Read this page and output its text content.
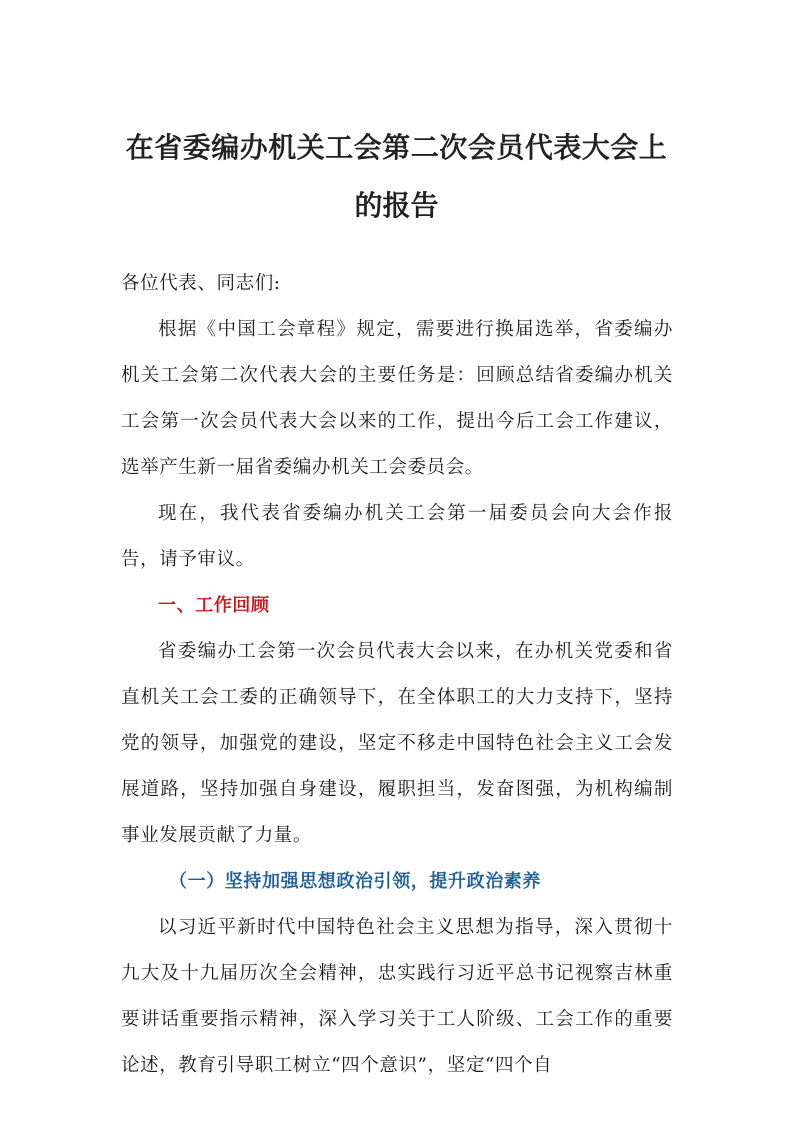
在省委编办机关工会第二次会员代表大会上
的报告

各位代表、同志们:

根据《中国工会章程》规定，需要进行换届选举，省委编办机关工会第二次代表大会的主要任务是：回顾总结省委编办机关工会第一次会员代表大会以来的工作，提出今后工会工作建议，选举产生新一届省委编办机关工会委员会。

现在，我代表省委编办机关工会第一届委员会向大会作报告，请予审议。

一、工作回顾

省委编办工会第一次会员代表大会以来，在办机关党委和省直机关工会工委的正确领导下，在全体职工的大力支持下，坚持党的领导，加强党的建设，坚定不移走中国特色社会主义工会发展道路，坚持加强自身建设，履职担当，发奋图强，为机构编制事业发展贡献了力量。

（一）坚持加强思想政治引领，提升政治素养

以习近平新时代中国特色社会主义思想为指导，深入贯彻十九大及十九届历次全会精神，忠实践行习近平总书记视察吉林重要讲话重要指示精神，深入学习关于工人阶级、工会工作的重要论述，教育引导职工树立“四个意识”，坚定“四个自
